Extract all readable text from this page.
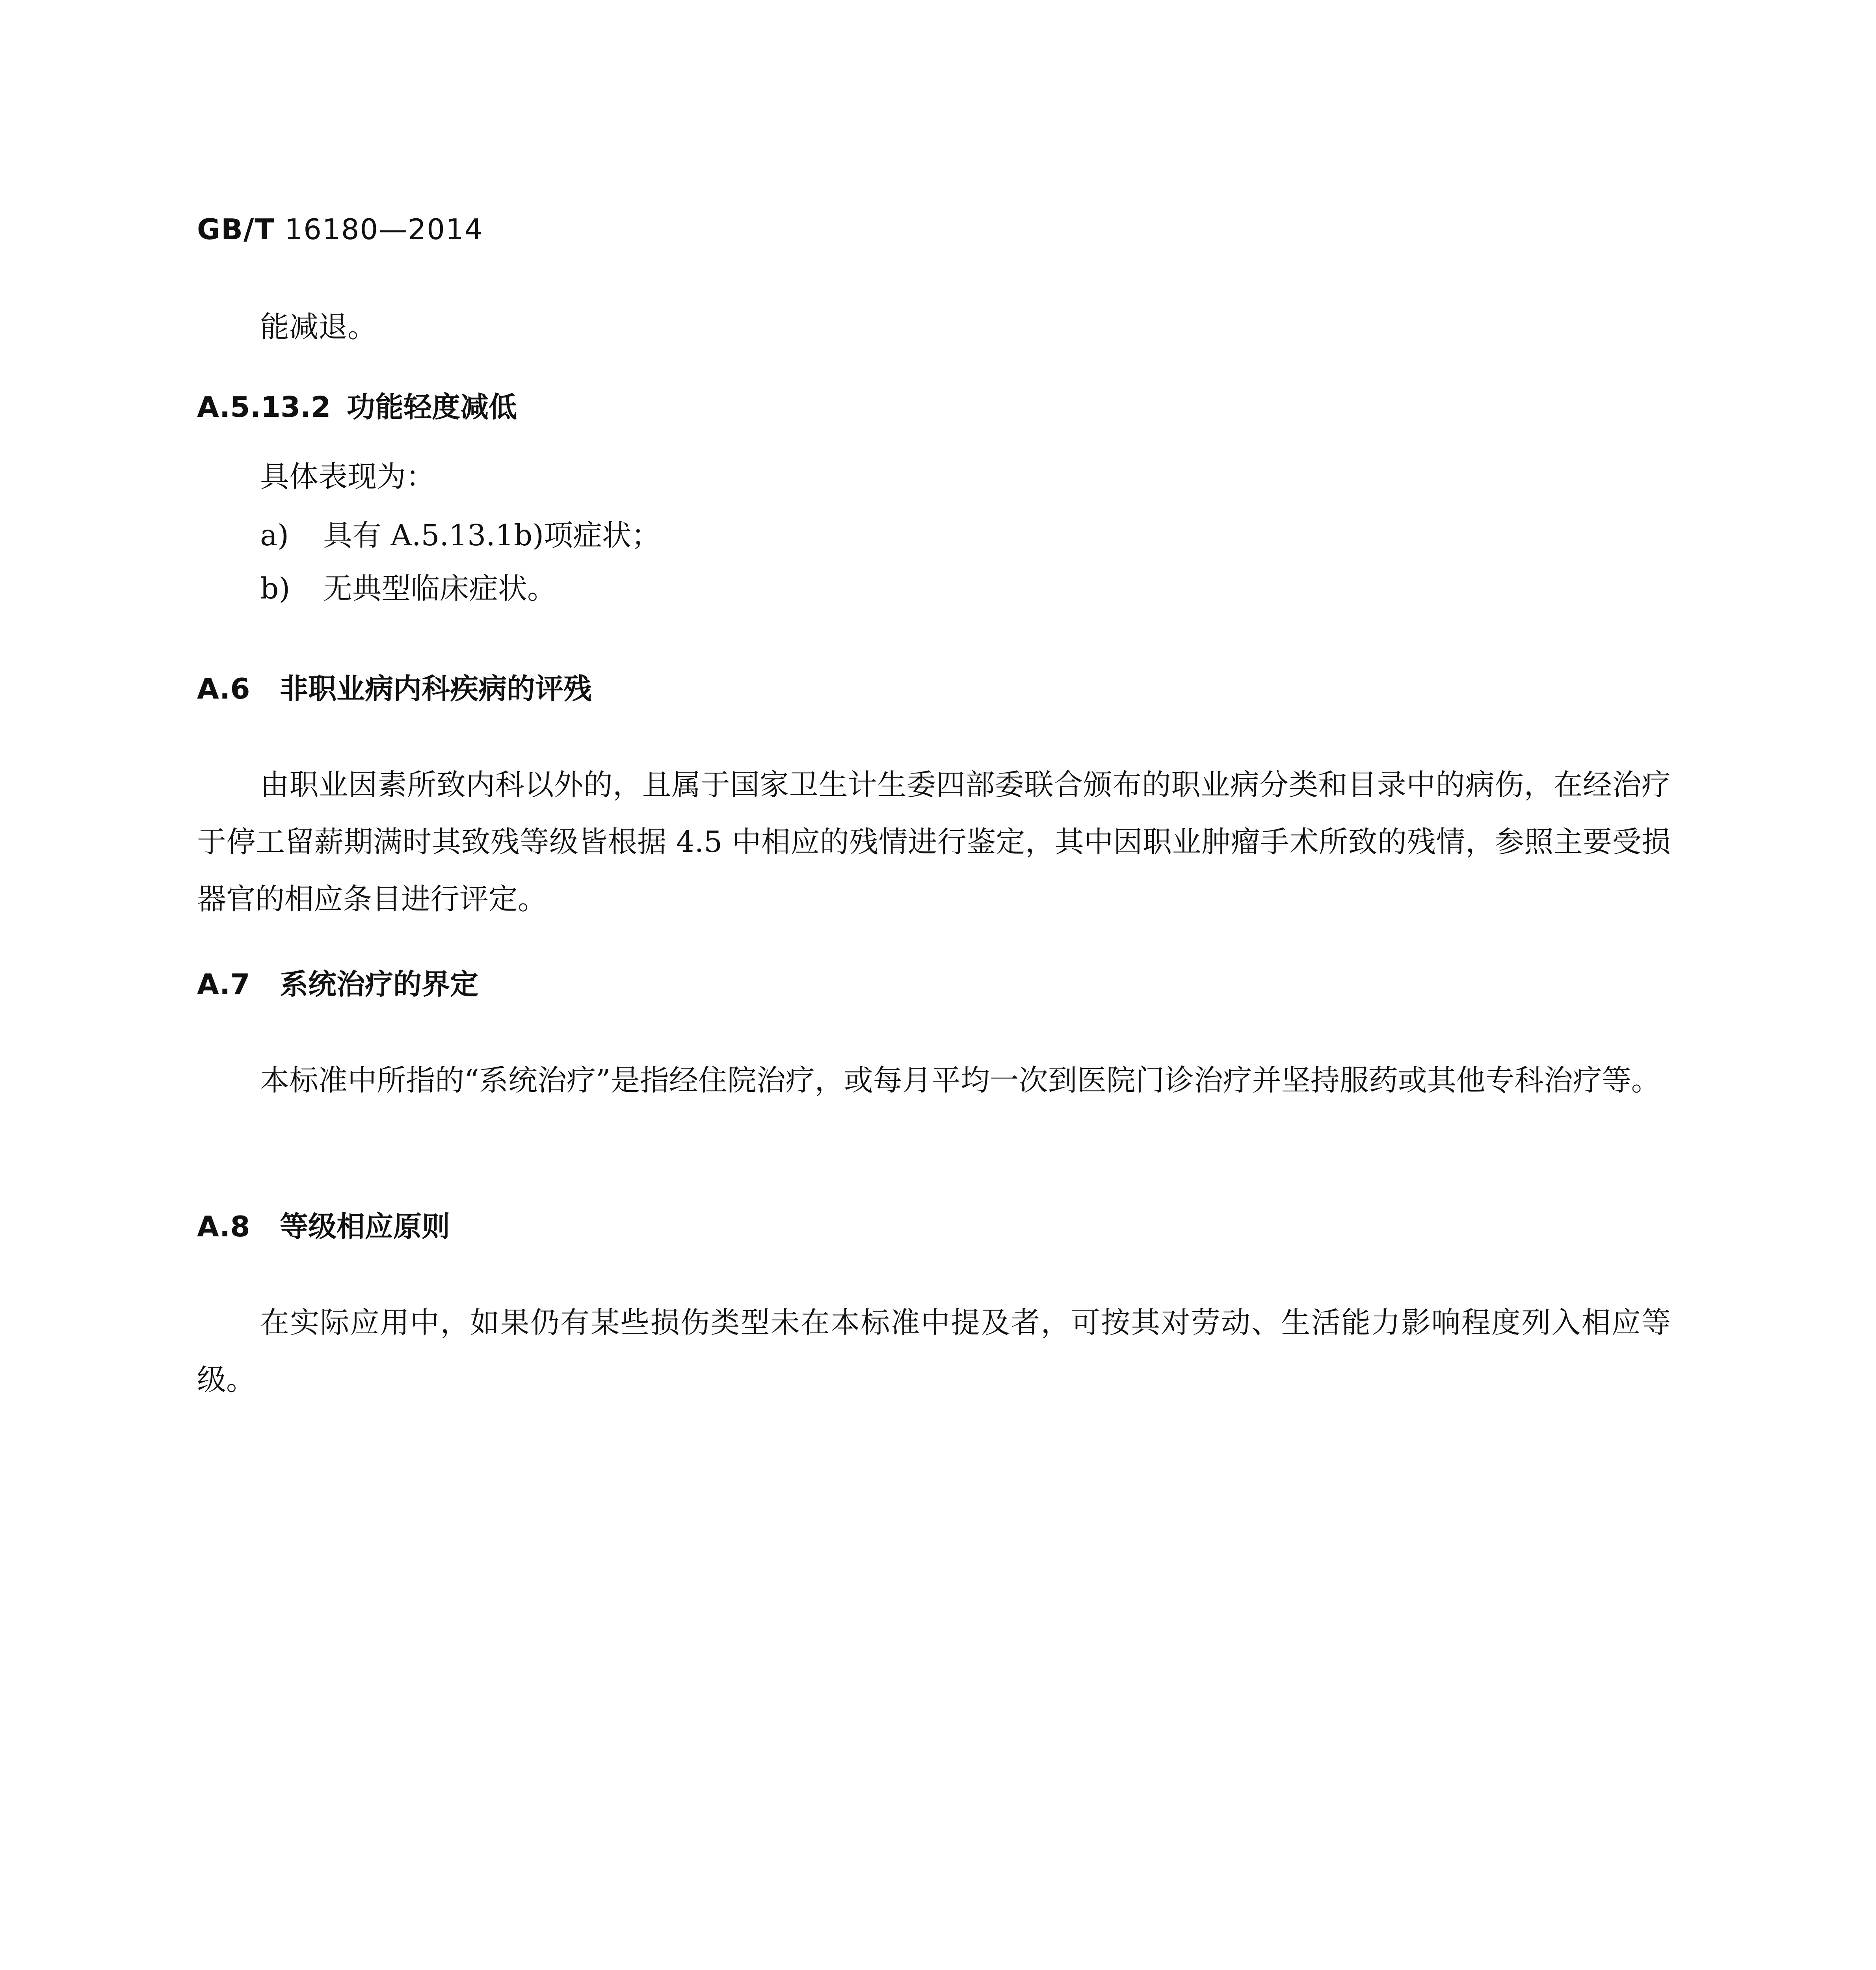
GB/T 16180—2014
能减退。
A.5.13.2 功能轻度减低
具体表现为：
a) 具有 A.5.13.1b)项症状；
b) 无典型临床症状。
A.6 非职业病内科疾病的评残

由职业因素所致内科以外的，且属于国家卫生计生委四部委联合颁布的职业病分类和目录中的病伤，在经治疗于停工留薪期满时其致残等级皆根据 4.5 中相应的残情进行鉴定，其中因职业肿瘤手术所致的残情，参照主要受损器官的相应条目进行评定。

A.7 系统治疗的界定

本标准中所指的“系统治疗”是指经住院治疗，或每月平均一次到医院门诊治疗并坚持服药或其他专科治疗等。

A.8 等级相应原则

在实际应用中，如果仍有某些损伤类型未在本标准中提及者，可按其对劳动、生活能力影响程度列入相应等级。
